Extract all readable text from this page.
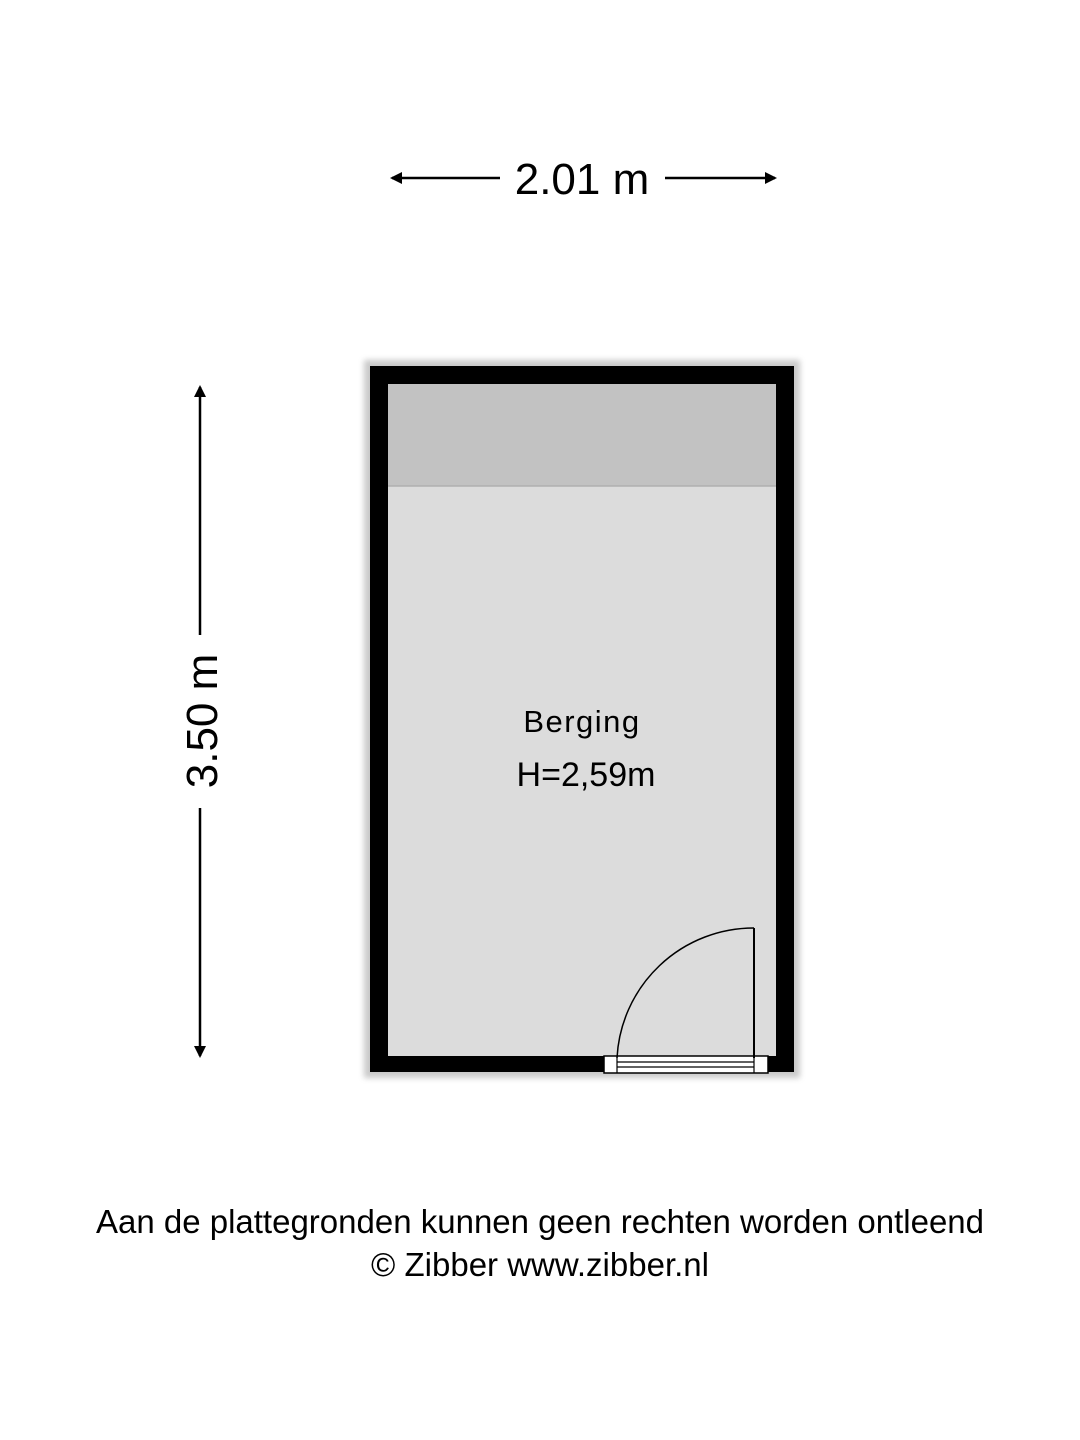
2.01 m
3.50 m	Berging
H=2,59m
Aan de plattegronden kunnen geen rechten worden ontleend
© Zibber www.zibber.nl
